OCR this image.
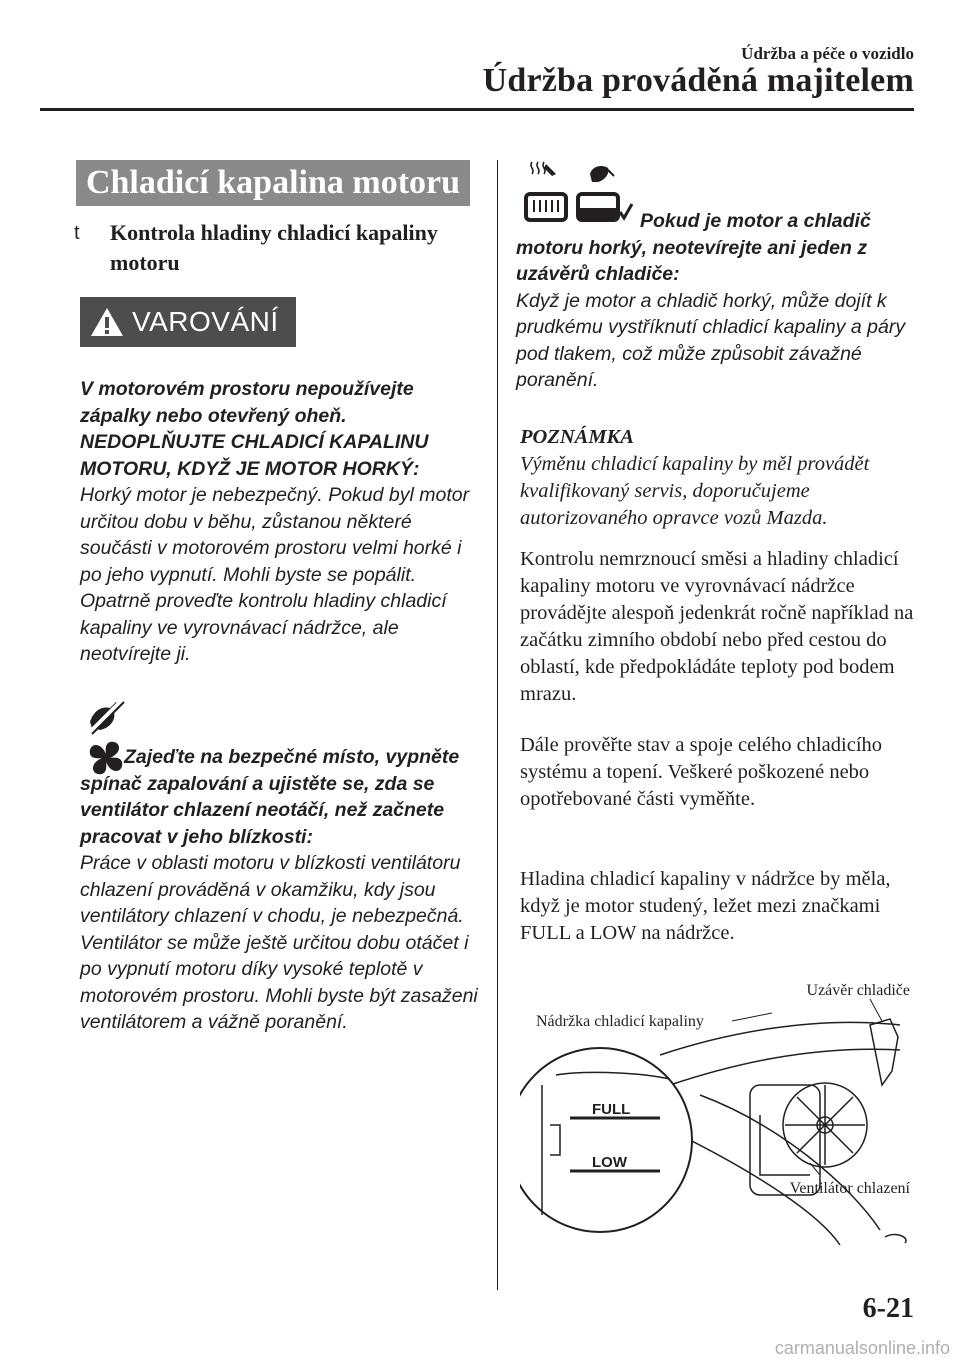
Údržba a péče o vozidlo
Údržba prováděná majitelem
Chladicí kapalina motoru
t	Kontrola hladiny chladicí kapaliny motoru
VAROVÁNÍ
V motorovém prostoru nepoužívejte zápalky nebo otevřený oheň.
NEDOPLŇUJTE CHLADICÍ KAPALINU MOTORU, KDYŽ JE MOTOR HORKÝ:
Horký motor je nebezpečný. Pokud byl motor určitou dobu v běhu, zůstanou některé součásti v motorovém prostoru velmi horké i po jeho vypnutí. Mohli byste se popálit. Opatrně proveďte kontrolu hladiny chladicí kapaliny ve vyrovnávací nádržce, ale neotvírejte ji.
Zajeďte na bezpečné místo, vypněte spínač zapalování a ujistěte se, zda se ventilátor chlazení neotáčí, než začnete pracovat v jeho blízkosti:
Práce v oblasti motoru v blízkosti ventilátoru chlazení prováděná v okamžiku, kdy jsou ventilátory chlazení v chodu, je nebezpečná. Ventilátor se může ještě určitou dobu otáčet i po vypnutí motoru díky vysoké teplotě v motorovém prostoru. Mohli byste být zasaženi ventilátorem a vážně poranění.
Pokud je motor a chladič motoru horký, neotevírejte ani jeden z uzávěrů chladiče:
Když je motor a chladič horký, může dojít k prudkému vystříknutí chladicí kapaliny a páry pod tlakem, což může způsobit závažné poranění.
POZNÁMKA
Výměnu chladicí kapaliny by měl provádět kvalifikovaný servis, doporučujeme autorizovaného opravce vozů Mazda.
Kontrolu nemrznoucí směsi a hladiny chladicí kapaliny motoru ve vyrovnávací nádržce provádějte alespoň jedenkrát ročně například na začátku zimního období nebo před cestou do oblastí, kde předpokládáte teploty pod bodem mrazu.
Dále prověřte stav a spoje celého chladicího systému a topení. Veškeré poškozené nebo opotřebované části vyměňte.
Hladina chladicí kapaliny v nádržce by měla, když je motor studený, ležet mezi značkami FULL a LOW na nádržce.
FULL
LOW
Uzávěr chladiče
Nádržka chladicí kapaliny
Ventilátor chlazení
6-21
carmanualsonline.info
